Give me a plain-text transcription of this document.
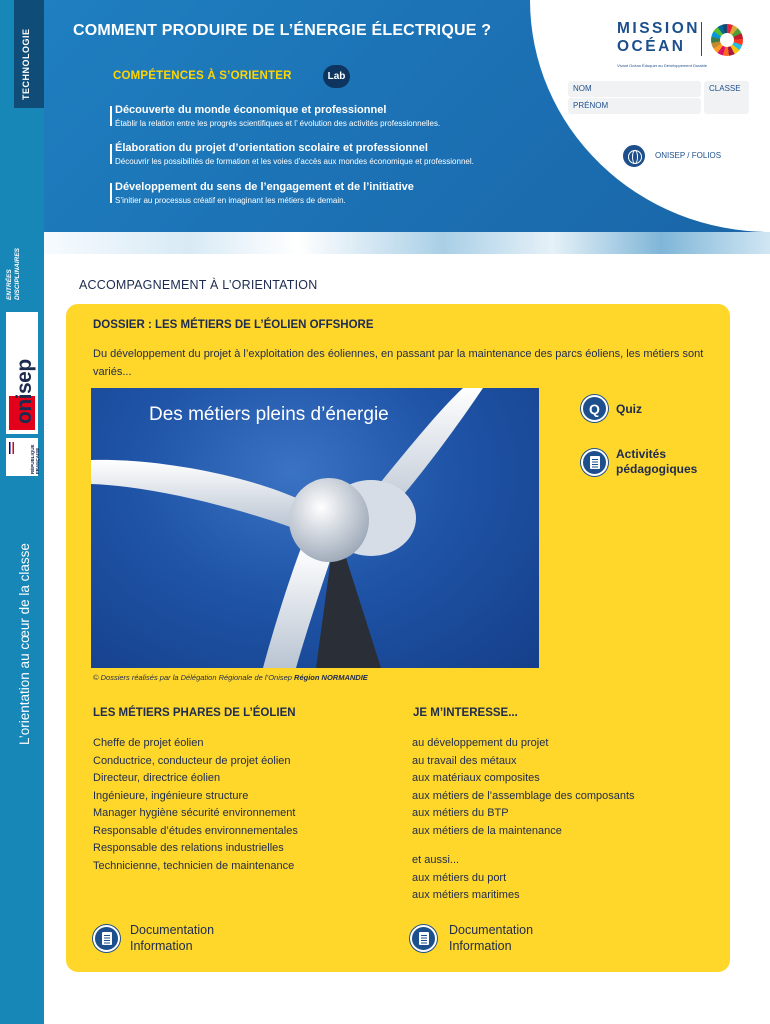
TECHNOLOGIE
ENTRÉES
DISCIPLINAIRES
onisep
RÉPUBLIQUE
FRANÇAISE
L’orientation au cœur de la classe
COMMENT PRODUIRE DE L’ÉNERGIE ÉLECTRIQUE ?
COMPÉTENCES À S’ORIENTER	Lab
Découverte du monde économique et professionnel
Établir la relation entre les progrès scientifiques et l’ évolution des activités professionnelles.
Élaboration du projet d’orientation scolaire et professionnel
Découvrir les possibilités de formation et les voies d’accès aux mondes économique et professionnel.
Développement du sens de l’engagement et de l’initiative
S’initier au processus créatif en imaginant les métiers de demain.
MISSION
OCÉAN
Vivant Océan Éduquer au Développement Durable
NOM
PRÉNOM
CLASSE
ONISEP / FOLIOS
ACCOMPAGNEMENT À L’ORIENTATION
DOSSIER : LES MÉTIERS DE L’ÉOLIEN OFFSHORE
Du développement du projet à l’exploitation des éoliennes, en passant par la maintenance des parcs éoliens, les métiers sont variés...
Des métiers pleins d’énergie
© Dossiers réalisés par la Délégation Régionale de l’Onisep Région NORMANDIE
Q Quiz
Activités
pédagogiques
LES MÉTIERS PHARES DE L’ÉOLIEN
Cheffe de projet éolien
Conductrice, conducteur de projet éolien
Directeur, directrice éolien
Ingénieure, ingénieure structure
Manager hygiène sécurité environnement
Responsable d’études environnementales
Responsable des relations industrielles
Technicienne, technicien de maintenance
JE M’INTERESSE...
au développement du projet
au travail des métaux
aux matériaux composites
aux métiers de l’assemblage des composants
aux métiers du BTP
aux métiers de la maintenance
et aussi...
aux métiers du port
aux métiers maritimes
Documentation
Information
Documentation
Information
